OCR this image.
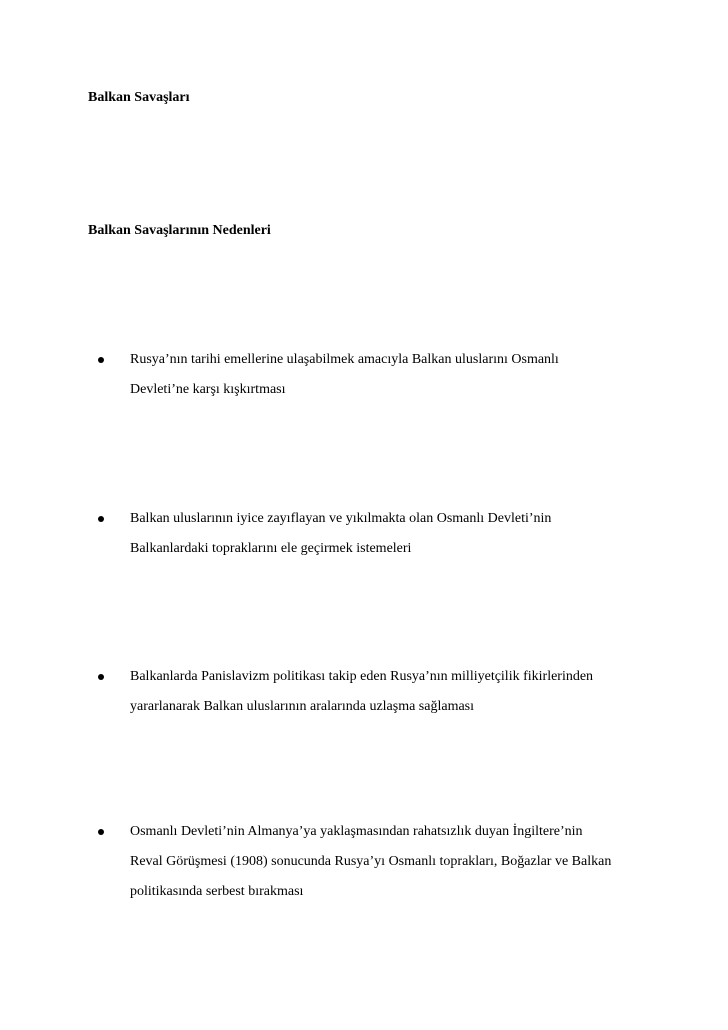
Balkan Savaşları
Balkan Savaşlarının Nedenleri
Rusya’nın tarihi emellerine ulaşabilmek amacıyla Balkan uluslarını Osmanlı
Devleti’ne karşı kışkırtması
Balkan uluslarının iyice zayıflayan ve yıkılmakta olan Osmanlı Devleti’nin
Balkanlardaki topraklarını ele geçirmek istemeleri
Balkanlarda Panislavizm politikası takip eden Rusya’nın milliyetçilik fikirlerinden
yararlanarak Balkan uluslarının aralarında uzlaşma sağlaması
Osmanlı Devleti’nin Almanya’ya yaklaşmasından rahatsızlık duyan İngiltere’nin
Reval Görüşmesi (1908) sonucunda Rusya’yı Osmanlı toprakları, Boğazlar ve Balkan
politikasında serbest bırakması
